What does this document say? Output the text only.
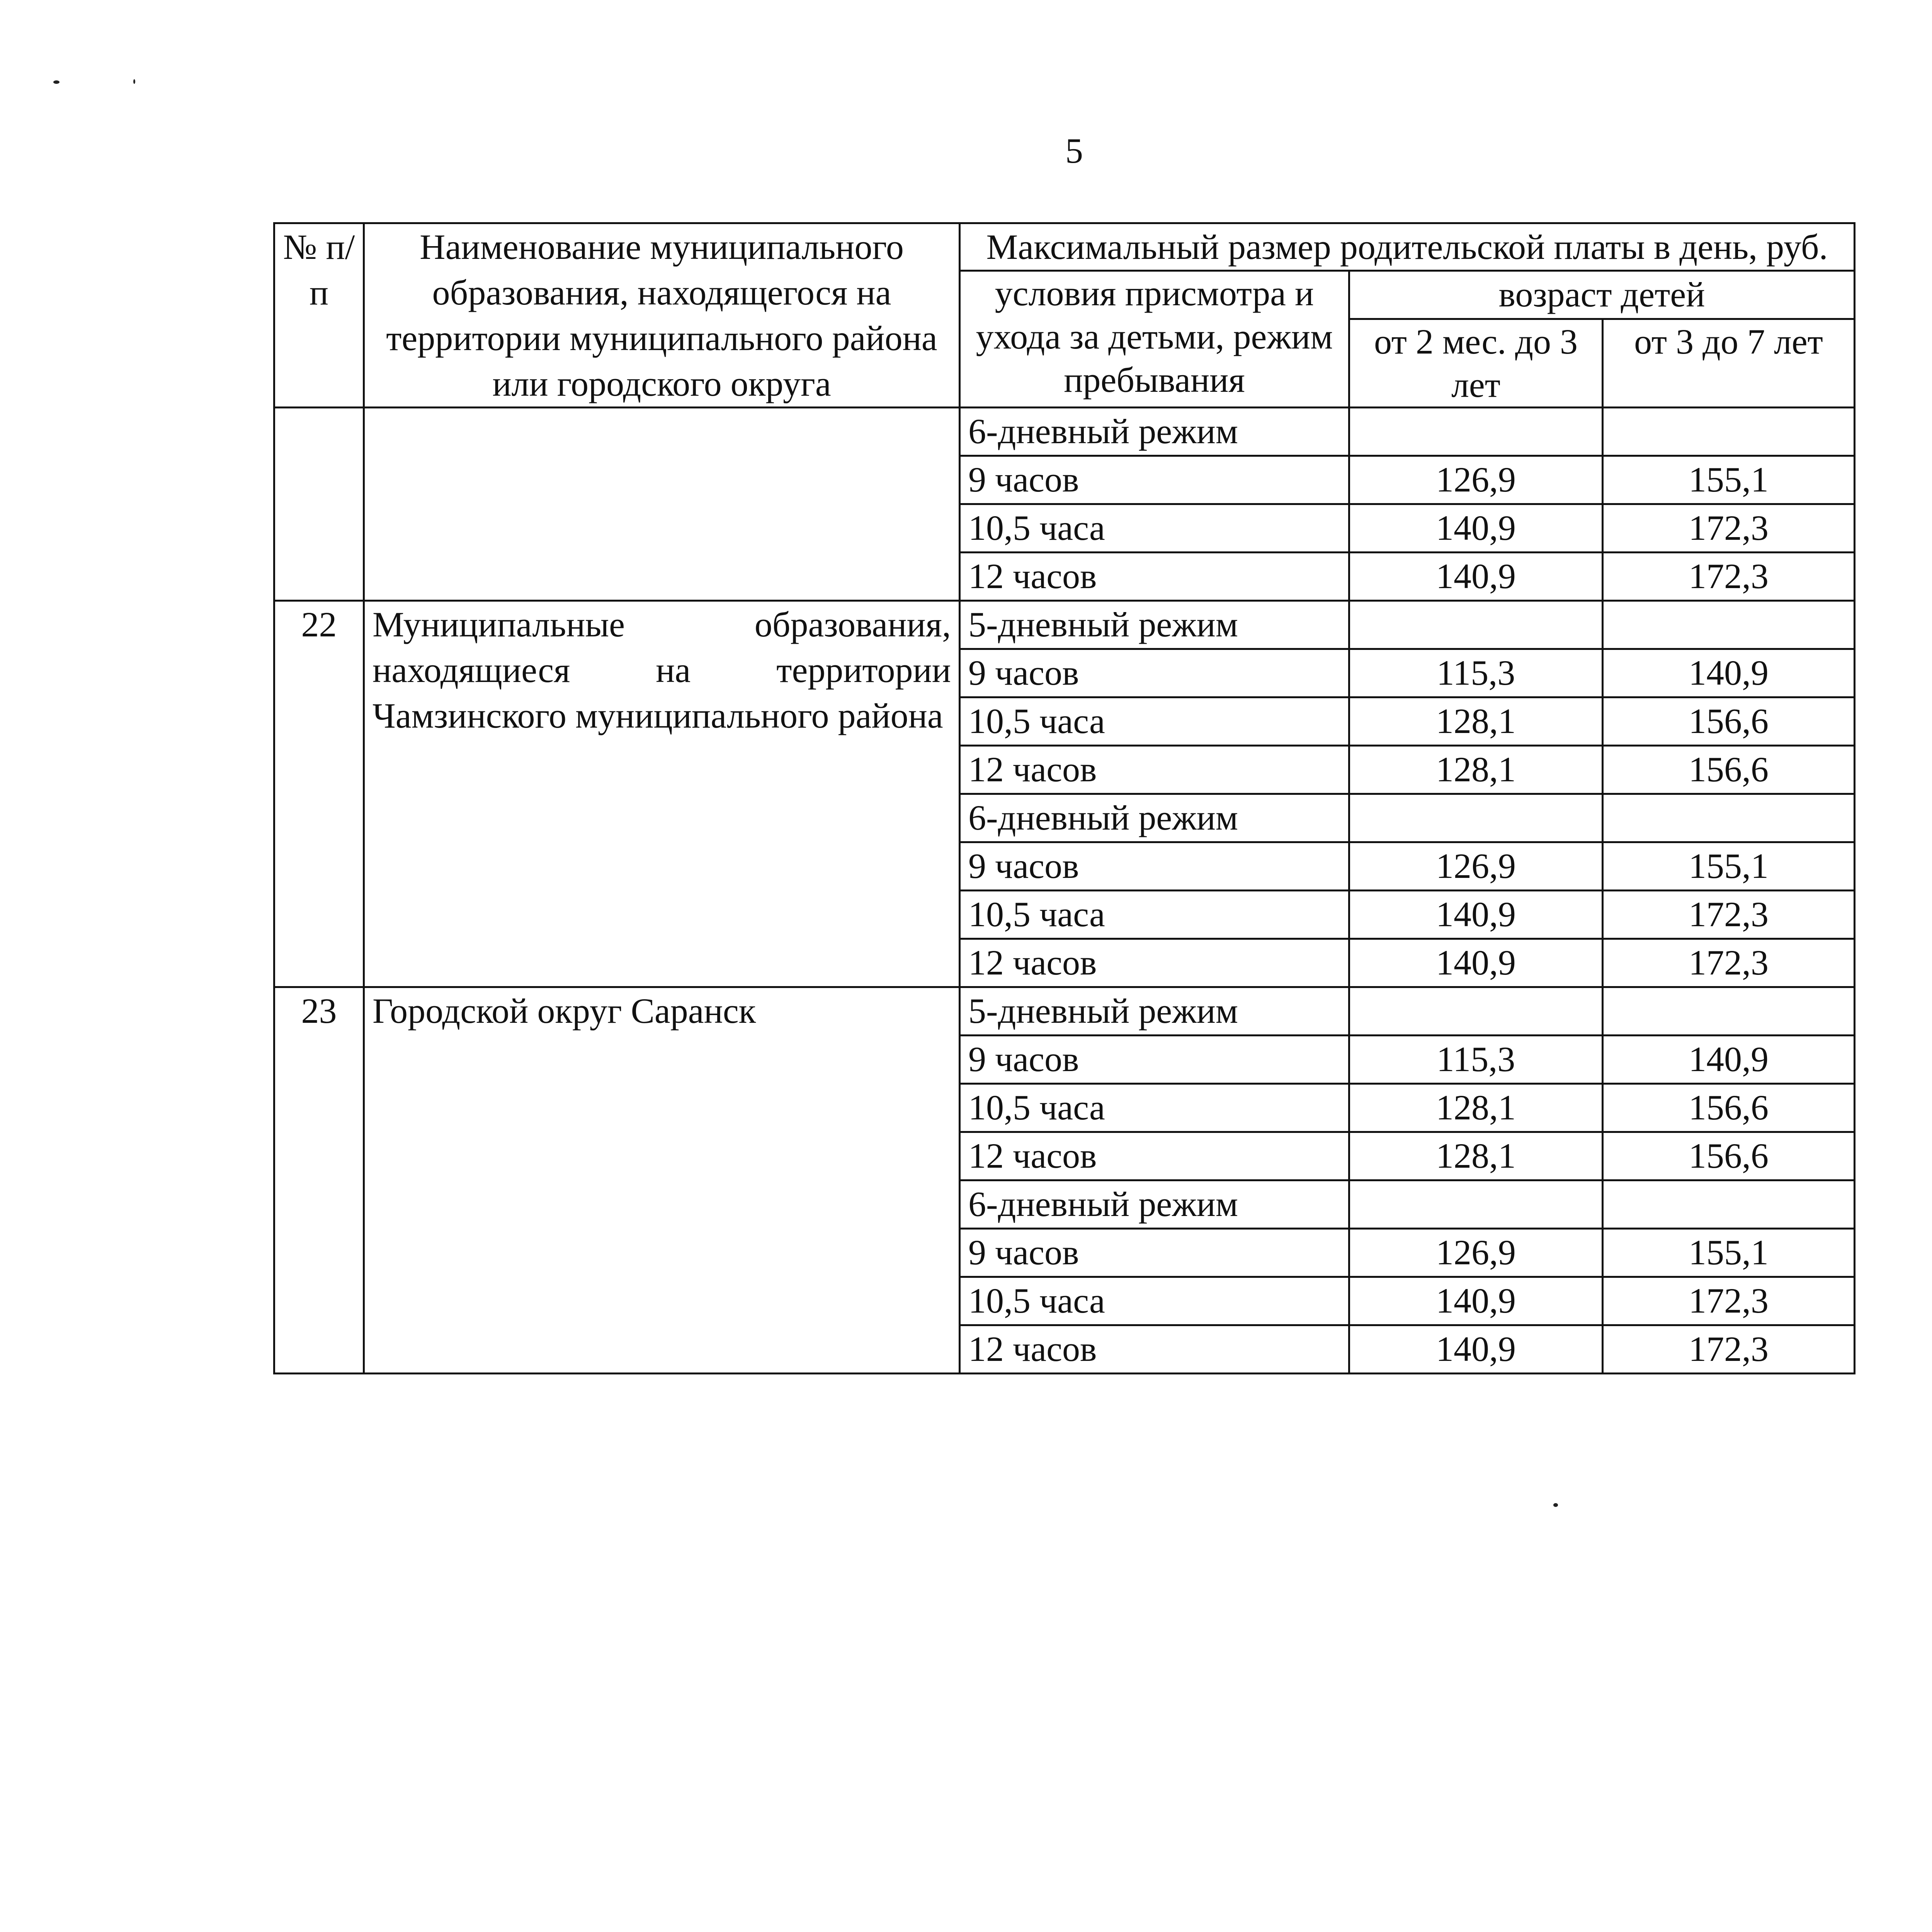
5
№ п/п	Наименование муниципального образования, находящегося на территории муниципального района или городского округа	Максимальный размер родительской платы в день, руб.		
		условия присмотра и ухода за детьми, режим пребывания	возраст детей	
			от 2 мес. до 3 лет	от 3 до 7 лет
		6-дневный режим		
		9 часов	126,9	155,1
		10,5 часа	140,9	172,3
		12 часов	140,9	172,3
22	Муниципальные образования, находящиеся на территории Чамзинского муниципального района	5-дневный режим		
		9 часов	115,3	140,9
		10,5 часа	128,1	156,6
		12 часов	128,1	156,6
		6-дневный режим		
		9 часов	126,9	155,1
		10,5 часа	140,9	172,3
		12 часов	140,9	172,3
23	Городской округ Саранск	5-дневный режим		
		9 часов	115,3	140,9
		10,5 часа	128,1	156,6
		12 часов	128,1	156,6
		6-дневный режим		
		9 часов	126,9	155,1
		10,5 часа	140,9	172,3
		12 часов	140,9	172,3
